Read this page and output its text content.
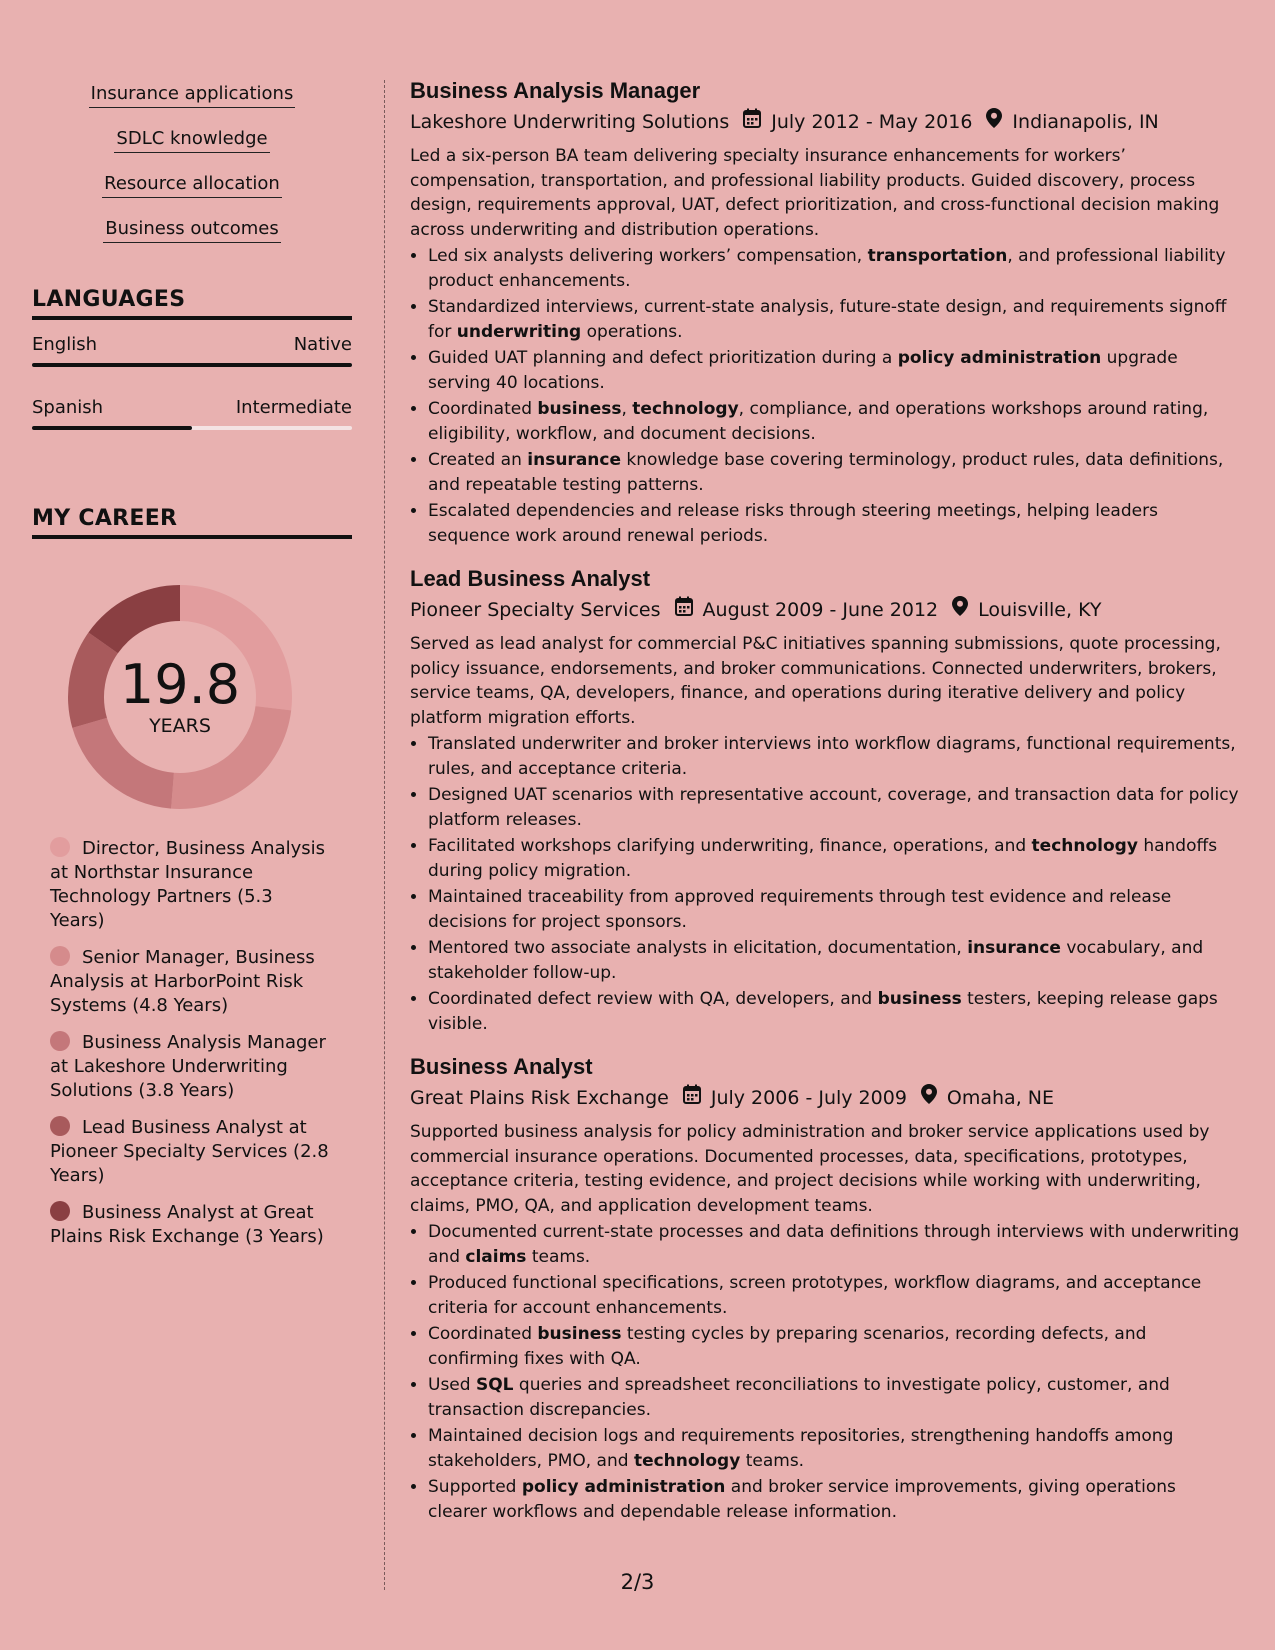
Insurance applications
SDLC knowledge
Resource allocation
Business outcomes
LANGUAGES
English	Native
Spanish	Intermediate
MY CAREER
19.8
YEARS
Director, Business Analysis at Northstar Insurance Technology Partners (5.3 Years)
Senior Manager, Business Analysis at HarborPoint Risk Systems (4.8 Years)
Business Analysis Manager at Lakeshore Underwriting Solutions (3.8 Years)
Lead Business Analyst at Pioneer Specialty Services (2.8 Years)
Business Analyst at Great Plains Risk Exchange (3 Years)
Business Analysis Manager
Lakeshore Underwriting Solutions July 2012 - May 2016 Indianapolis, IN

Led a six-person BA team delivering specialty insurance enhancements for workers’ compensation, transportation, and professional liability products. Guided discovery, process design, requirements approval, UAT, defect prioritization, and cross-functional decision making across underwriting and distribution operations.

• Led six analysts delivering workers’ compensation, transportation, and professional liability product enhancements.
• Standardized interviews, current-state analysis, future-state design, and requirements signoff for underwriting operations.
• Guided UAT planning and defect prioritization during a policy administration upgrade serving 40 locations.
• Coordinated business, technology, compliance, and operations workshops around rating, eligibility, workflow, and document decisions.
• Created an insurance knowledge base covering terminology, product rules, data definitions, and repeatable testing patterns.
• Escalated dependencies and release risks through steering meetings, helping leaders sequence work around renewal periods.
Lead Business Analyst
Pioneer Specialty Services August 2009 - June 2012 Louisville, KY

Served as lead analyst for commercial P&C initiatives spanning submissions, quote processing, policy issuance, endorsements, and broker communications. Connected underwriters, brokers, service teams, QA, developers, finance, and operations during iterative delivery and policy platform migration efforts.

• Translated underwriter and broker interviews into workflow diagrams, functional requirements, rules, and acceptance criteria.
• Designed UAT scenarios with representative account, coverage, and transaction data for policy platform releases.
• Facilitated workshops clarifying underwriting, finance, operations, and technology handoffs during policy migration.
• Maintained traceability from approved requirements through test evidence and release decisions for project sponsors.
• Mentored two associate analysts in elicitation, documentation, insurance vocabulary, and stakeholder follow-up.
• Coordinated defect review with QA, developers, and business testers, keeping release gaps visible.
Business Analyst
Great Plains Risk Exchange July 2006 - July 2009 Omaha, NE

Supported business analysis for policy administration and broker service applications used by commercial insurance operations. Documented processes, data, specifications, prototypes, acceptance criteria, testing evidence, and project decisions while working with underwriting, claims, PMO, QA, and application development teams.

• Documented current-state processes and data definitions through interviews with underwriting and claims teams.
• Produced functional specifications, screen prototypes, workflow diagrams, and acceptance criteria for account enhancements.
• Coordinated business testing cycles by preparing scenarios, recording defects, and confirming fixes with QA.
• Used SQL queries and spreadsheet reconciliations to investigate policy, customer, and transaction discrepancies.
• Maintained decision logs and requirements repositories, strengthening handoffs among stakeholders, PMO, and technology teams.
• Supported policy administration and broker service improvements, giving operations clearer workflows and dependable release information.
2/3
